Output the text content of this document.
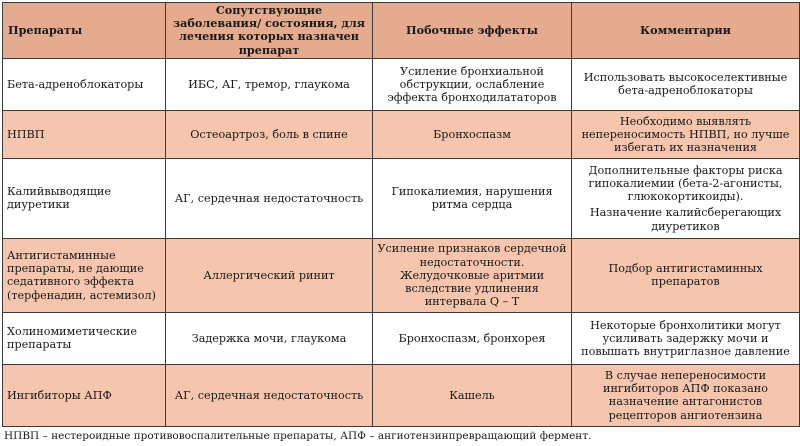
Препараты	Сопутствующие заболевания/ состояния, для лечения которых назначен препарат	Побочные эффекты	Комментарии
Бета-адреноблокаторы	ИБС, АГ, тремор, глаукома	Усиление бронхиальной обструкции, ослабление эффекта бронходилататоров	Использовать высокоселективные бета-адреноблокаторы

НПВП	Остеоартроз, боль в спине	Бронхоспазм	Необходимо выявлять непереносимость НПВП, но лучше избегать их назначения

Калийвыводящие диуретики	АГ, сердечная недостаточность	Гипокалиемия, нарушения ритма сердца	Дополнительные факторы риска гипокалиемии (бета-2-агонисты, глюкокортикоиды).
Назначение калийсберегающих диуретиков

Антигистаминные препараты, не дающие седативного эффекта (терфенадин, астемизол)	Аллергический ринит	Усиление признаков сердечной недостаточности. Желудочковые аритмии вследствие удлинения интервала Q – T	Подбор антигистаминных препаратов

Холиномиметические препараты	Задержка мочи, глаукома	Бронхоспазм, бронхорея	Некоторые бронхолитики могут усиливать задержку мочи и повышать внутриглазное давление

Ингибиторы АПФ	АГ, сердечная недостаточность	Кашель	В случае непереносимости ингибиторов АПФ показано назначение антагонистов рецепторов ангиотензина
НПВП – нестероидные противовоспалительные препараты, АПФ – ангиотензинпревращающий фермент.
